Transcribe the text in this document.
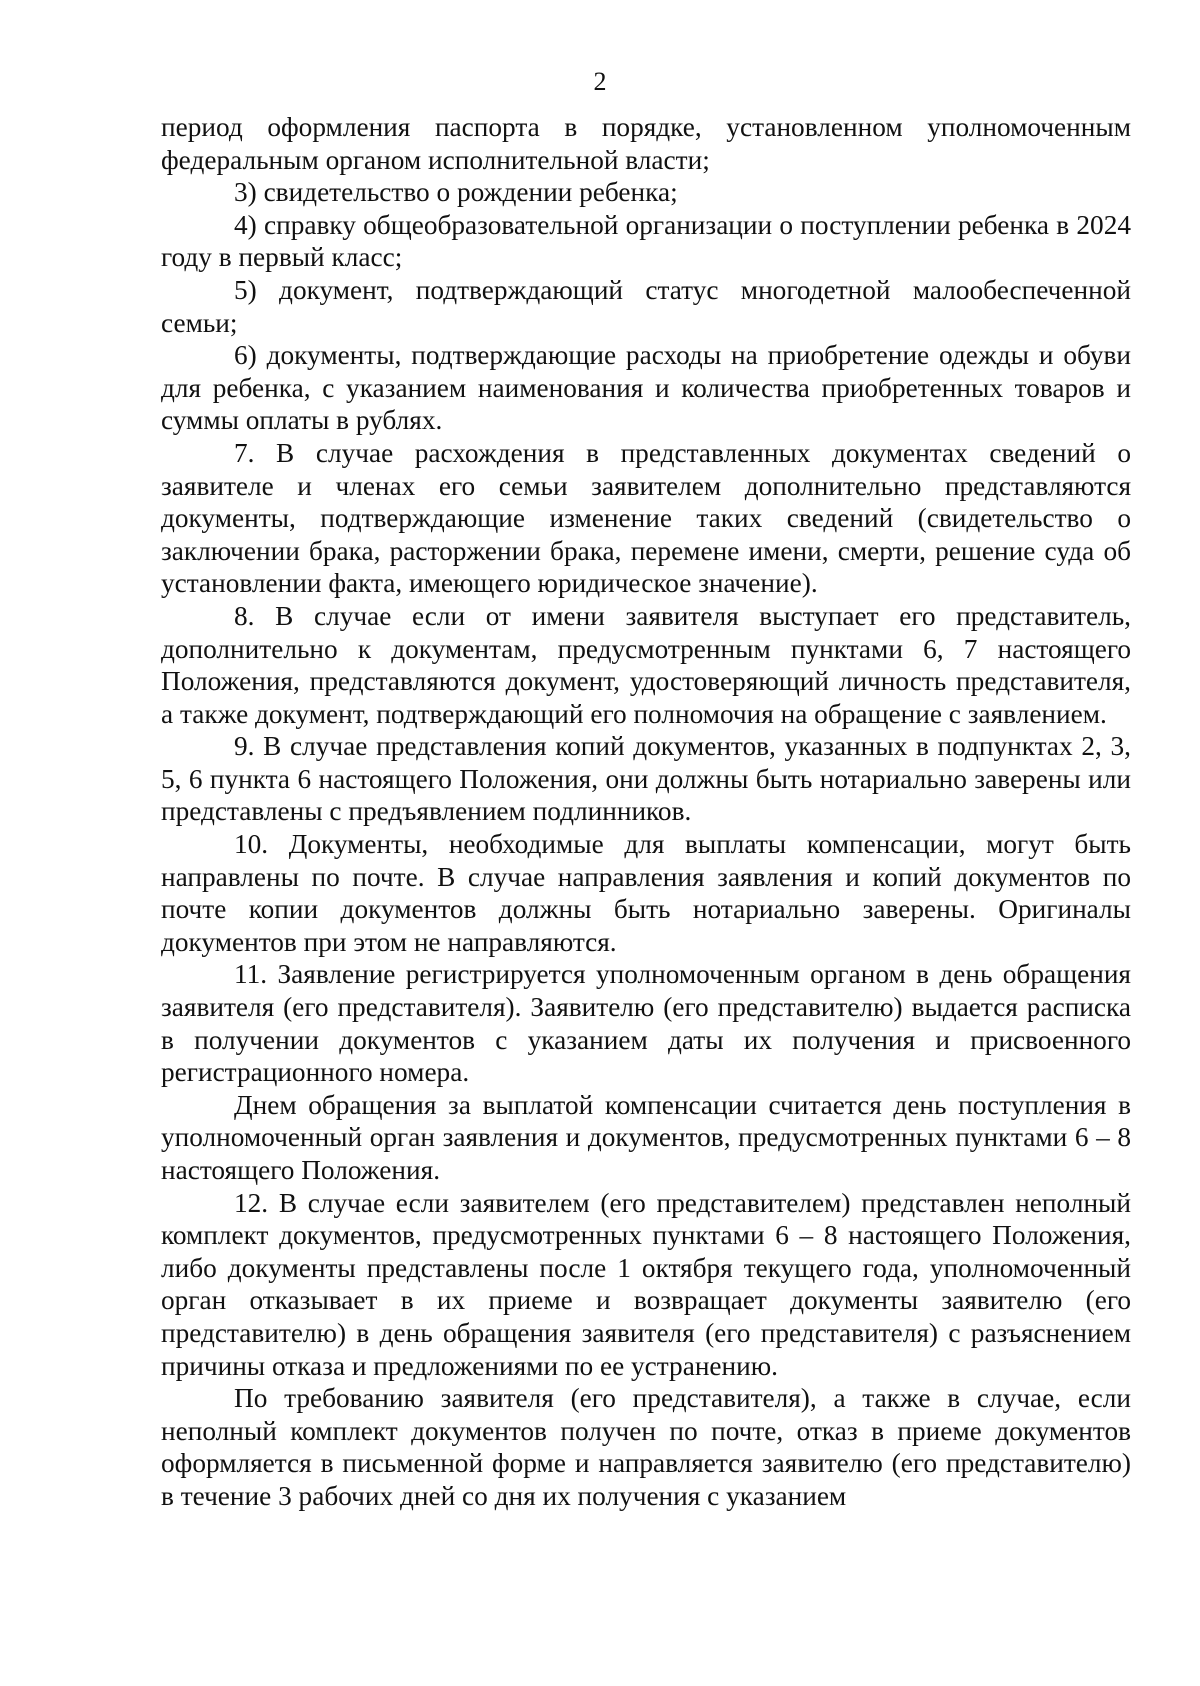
2

период оформления паспорта в порядке, установленном уполномоченным федеральным органом исполнительной власти;

3) свидетельство о рождении ребенка;

4) справку общеобразовательной организации о поступлении ребенка в 2024 году в первый класс;

5) документ, подтверждающий статус многодетной малообеспеченной семьи;

6) документы, подтверждающие расходы на приобретение одежды и обуви для ребенка, с указанием наименования и количества приобретенных товаров и суммы оплаты в рублях.

7. В случае расхождения в представленных документах сведений о заявителе и членах его семьи заявителем дополнительно представляются документы, подтверждающие изменение таких сведений (свидетельство о заключении брака, расторжении брака, перемене имени, смерти, решение суда об установлении факта, имеющего юридическое значение).

8. В случае если от имени заявителя выступает его представитель, дополнительно к документам, предусмотренным пунктами 6, 7 настоящего Положения, представляются документ, удостоверяющий личность представителя, а также документ, подтверждающий его полномочия на обращение с заявлением.

9. В случае представления копий документов, указанных в подпунктах 2, 3, 5, 6 пункта 6 настоящего Положения, они должны быть нотариально заверены или представлены с предъявлением подлинников.

10. Документы, необходимые для выплаты компенсации, могут быть направлены по почте. В случае направления заявления и копий документов по почте копии документов должны быть нотариально заверены. Оригиналы документов при этом не направляются.

11. Заявление регистрируется уполномоченным органом в день обращения заявителя (его представителя). Заявителю (его представителю) выдается расписка в получении документов с указанием даты их получения и присвоенного регистрационного номера.

Днем обращения за выплатой компенсации считается день поступления в уполномоченный орган заявления и документов, предусмотренных пунктами 6 – 8 настоящего Положения.

12. В случае если заявителем (его представителем) представлен неполный комплект документов, предусмотренных пунктами 6 – 8 настоящего Положения, либо документы представлены после 1 октября текущего года, уполномоченный орган отказывает в их приеме и возвращает документы заявителю (его представителю) в день обращения заявителя (его представителя) с разъяснением причины отказа и предложениями по ее устранению.

По требованию заявителя (его представителя), а также в случае, если неполный комплект документов получен по почте, отказ в приеме документов оформляется в письменной форме и направляется заявителю (его представителю) в течение 3 рабочих дней со дня их получения с указанием
